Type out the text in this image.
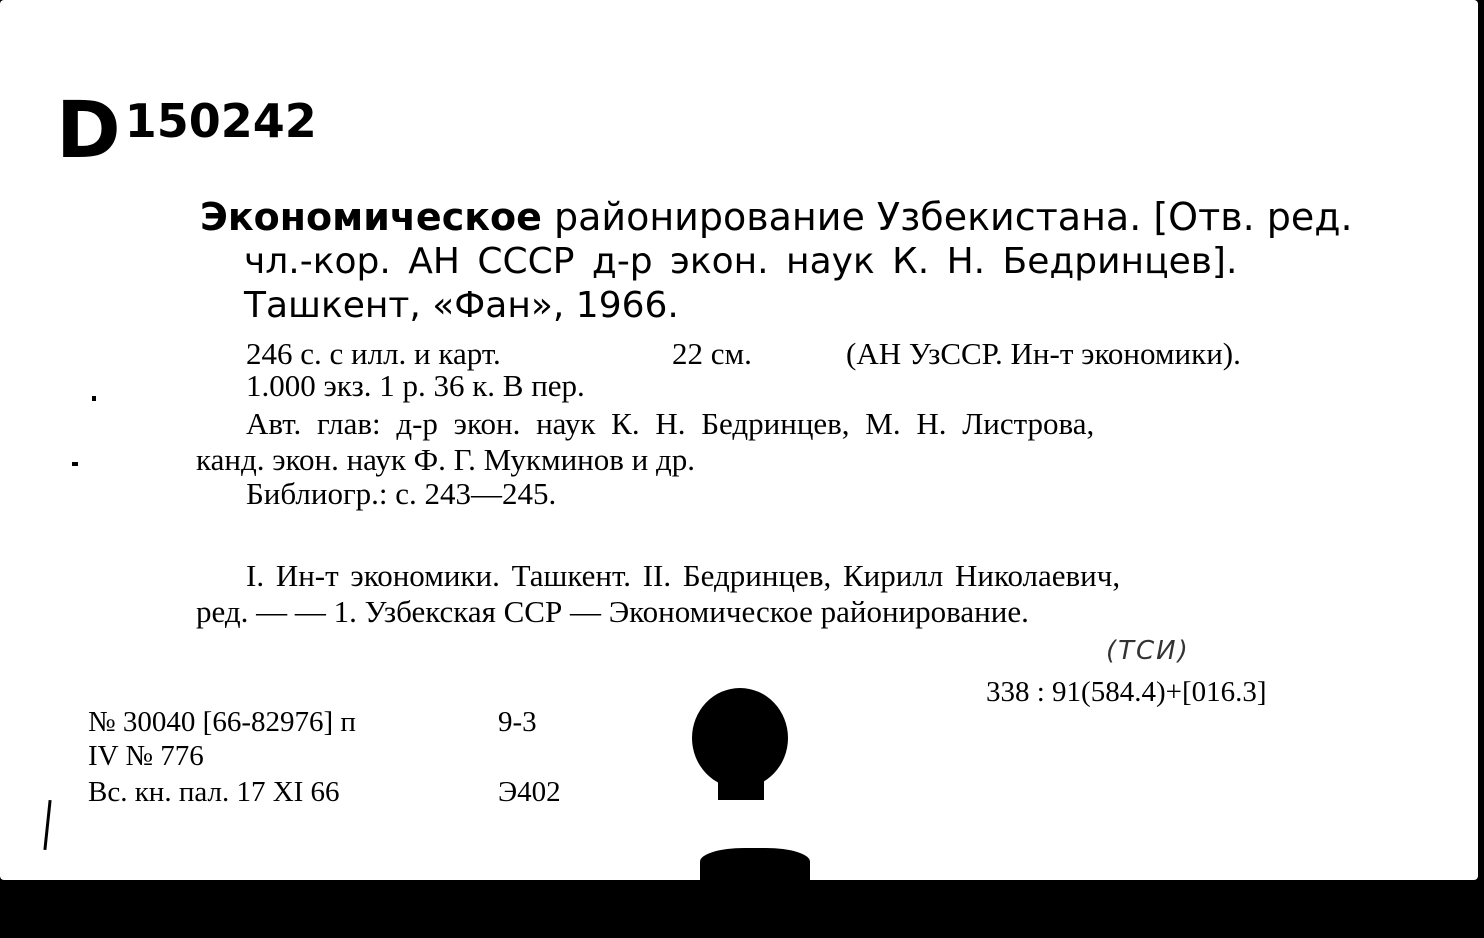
D150242
Экономическое районирование Узбекистана. [Отв. ред.
чл.-кор. АН СССР д-р экон. наук К. Н. Бедринцев].
Ташкент, «Фан», 1966.
246 с. с илл. и карт.	22 см.	(АН УзССР. Ин-т экономики).
1.000 экз. 1 р. 36 к. В пер.
Авт. глав: д-р экон. наук К. Н. Бедринцев, М. Н. Листрова,
канд. экон. наук Ф. Г. Мукминов и др.
Библиогр.: с. 243—245.
I. Ин-т экономики. Ташкент. II. Бедринцев, Кирилл Николаевич,
ред. — — 1. Узбекская ССР — Экономическое районирование.
(ТСИ)
338 : 91(584.4)+[016.3]
№ 30040 [66-82976] п	9-3
IV № 776
Вс. кн. пал. 17 XI 66	Э402
